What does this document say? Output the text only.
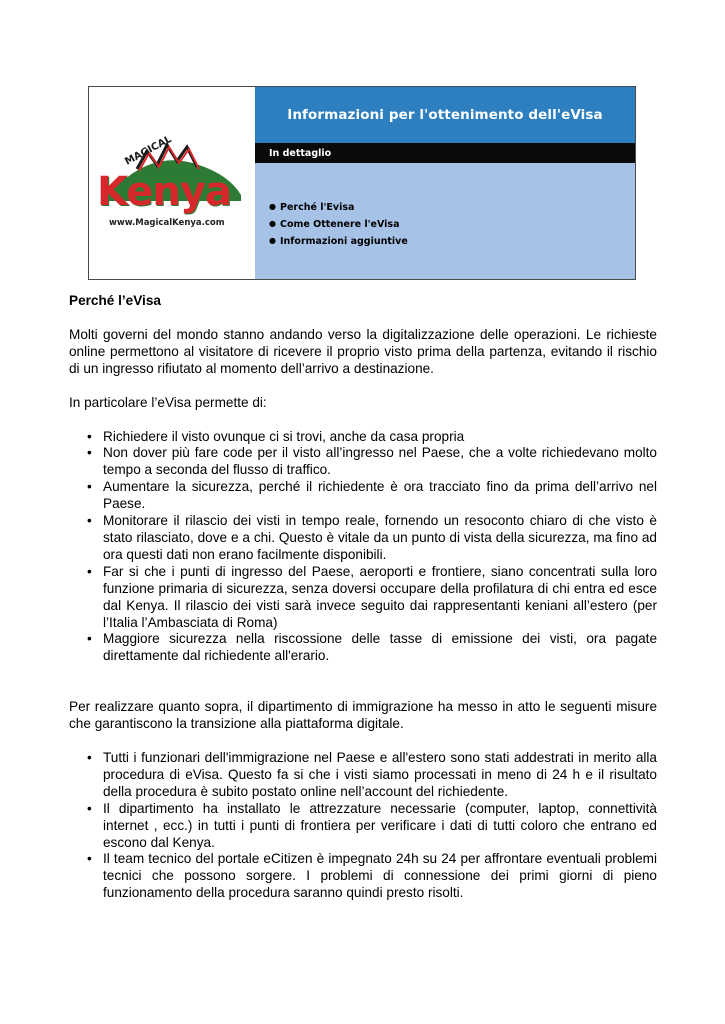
MAGICAL
Kenya
www.MagicalKenya.com
Informazioni per l'ottenimento dell'eVisa
In dettaglio
● Perché l'Evisa
● Come Ottenere l'eVisa
● Informazioni aggiuntive

Perché l’eVisa

Molti governi del mondo stanno andando verso la digitalizzazione delle operazioni. Le richieste online permettono al visitatore di ricevere il proprio visto prima della partenza, evitando il rischio di un ingresso rifiutato al momento dell’arrivo a destinazione.

In particolare l’eVisa permette di:

• Richiedere il visto ovunque ci si trovi, anche da casa propria
• Non dover più fare code per il visto all’ingresso nel Paese, che a volte richiedevano molto tempo a seconda del flusso di traffico.
• Aumentare la sicurezza, perché il richiedente è ora tracciato fino da prima dell’arrivo nel Paese.
• Monitorare il rilascio dei visti in tempo reale, fornendo un resoconto chiaro di che visto è stato rilasciato, dove e a chi. Questo è vitale da un punto di vista della sicurezza, ma fino ad ora questi dati non erano facilmente disponibili.
• Far si che i punti di ingresso del Paese, aeroporti e frontiere, siano concentrati sulla loro funzione primaria di sicurezza, senza doversi occupare della profilatura di chi entra ed esce dal Kenya. Il rilascio dei visti sarà invece seguito dai rappresentanti keniani all’estero (per l’Italia l’Ambasciata di Roma)
• Maggiore sicurezza nella riscossione delle tasse di emissione dei visti, ora pagate direttamente dal richiedente all'erario.

Per realizzare quanto sopra, il dipartimento di immigrazione ha messo in atto le seguenti misure che garantiscono la transizione alla piattaforma digitale.

• Tutti i funzionari dell'immigrazione nel Paese e all'estero sono stati addestrati in merito alla procedura di eVisa. Questo fa si che i visti siamo processati in meno di 24 h e il risultato della procedura è subito postato online nell’account del richiedente.
• Il dipartimento ha installato le attrezzature necessarie (computer, laptop, connettività internet , ecc.) in tutti i punti di frontiera per verificare i dati di tutti coloro che entrano ed escono dal Kenya.
• Il team tecnico del portale eCitizen è impegnato 24h su 24 per affrontare eventuali problemi tecnici che possono sorgere. I problemi di connessione dei primi giorni di pieno funzionamento della procedura saranno quindi presto risolti.
